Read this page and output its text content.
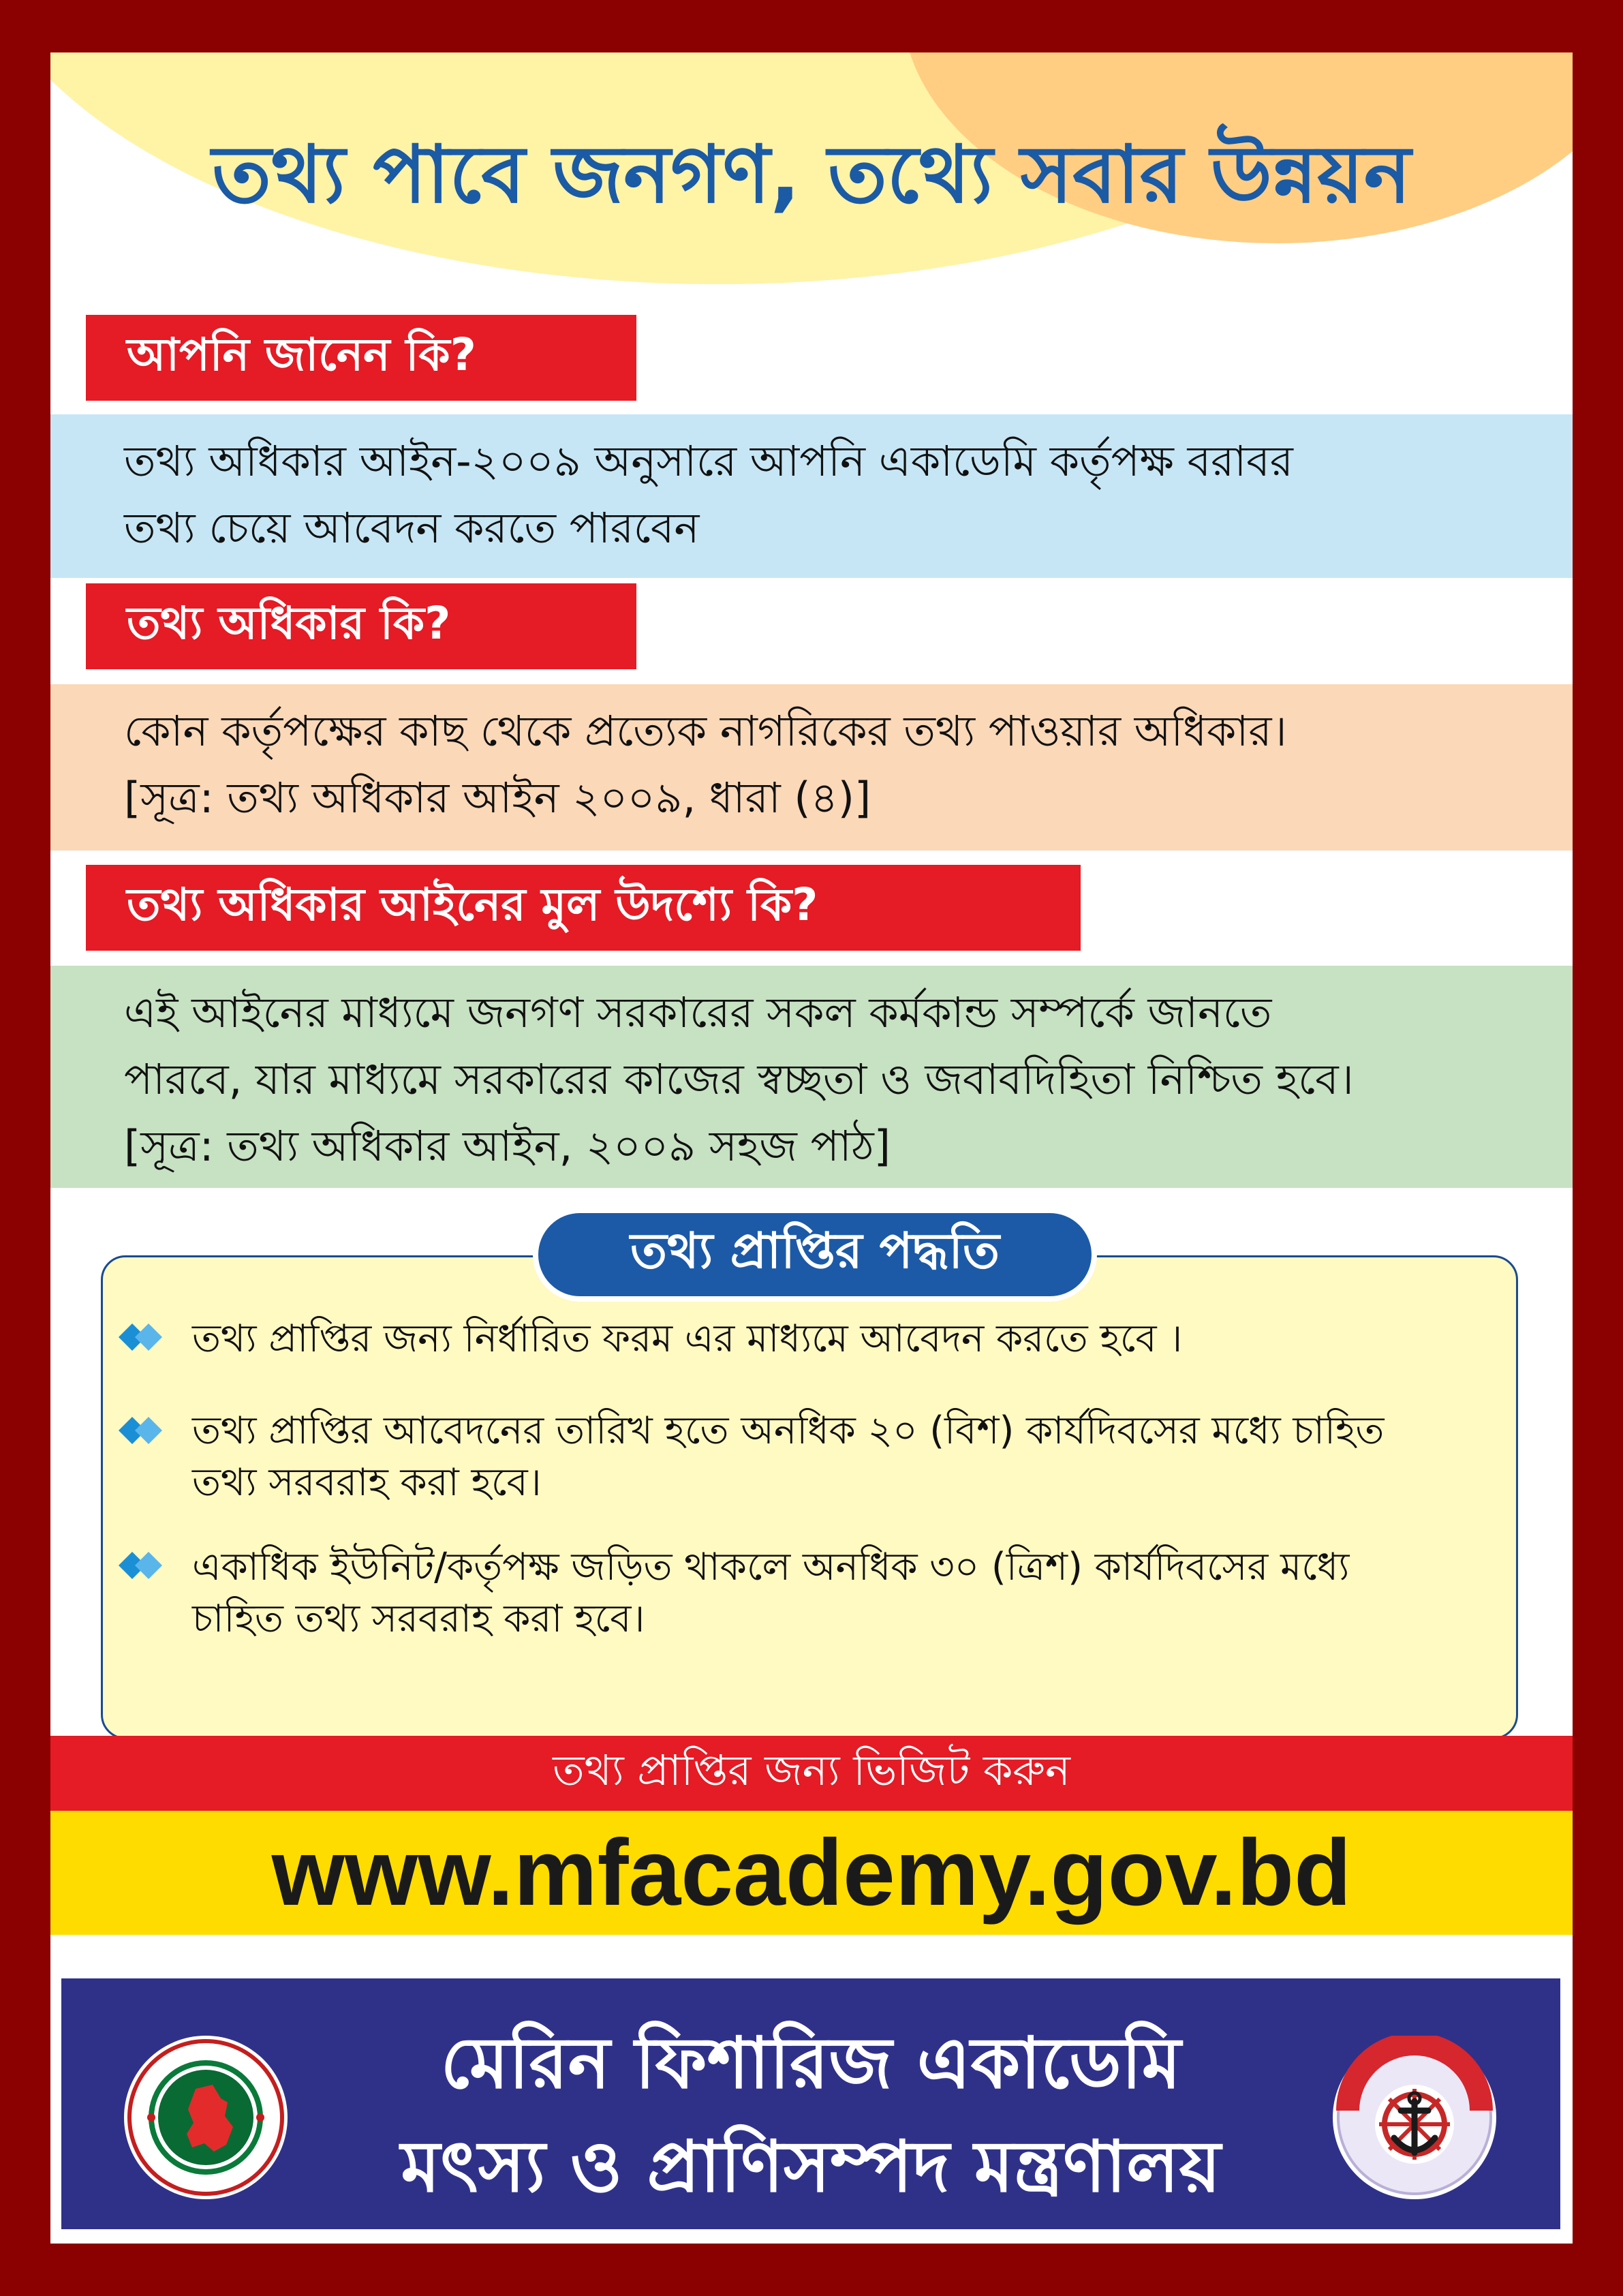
তথ্য পাবে জনগণ, তথ্যে সবার উন্নয়ন
আপনি জানেন কি?

তথ্য অধিকার আইন-২০০৯ অনুসারে আপনি একাডেমি কর্তৃপক্ষ বরাবর

তথ্য চেয়ে আবেদন করতে পারবেন

তথ্য অধিকার কি?

কোন কর্তৃপক্ষের কাছ থেকে প্রত্যেক নাগরিকের তথ্য পাওয়ার অধিকার।

[সূত্র: তথ্য অধিকার আইন ২০০৯, ধারা (৪)]

তথ্য অধিকার আইনের মুল উদশ্যে কি?

এই আইনের মাধ্যমে জনগণ সরকারের সকল কর্মকান্ড সম্পর্কে জানতে

পারবে, যার মাধ্যমে সরকারের কাজের স্বচ্ছতা ও জবাবদিহিতা নিশ্চিত হবে।

[সূত্র: তথ্য অধিকার আইন, ২০০৯ সহজ পাঠ]

তথ্য প্রাপ্তির পদ্ধতি
তথ্য প্রাপ্তির জন্য নির্ধারিত ফরম এর মাধ্যমে আবেদন করতে হবে ।
তথ্য প্রাপ্তির আবেদনের তারিখ হতে অনধিক ২০ (বিশ) কার্যদিবসের মধ্যে চাহিত
তথ্য সরবরাহ করা হবে।
একাধিক ইউনিট/কর্তৃপক্ষ জড়িত থাকলে অনধিক ৩০ (ত্রিশ) কার্যদিবসের মধ্যে
চাহিত তথ্য সরবরাহ করা হবে।
তথ্য প্রাপ্তির জন্য ভিজিট করুন
www.mfacademy.gov.bd
মেরিন ফিশারিজ একাডেমি
মৎস্য ও প্রাণিসম্পদ মন্ত্রণালয়
